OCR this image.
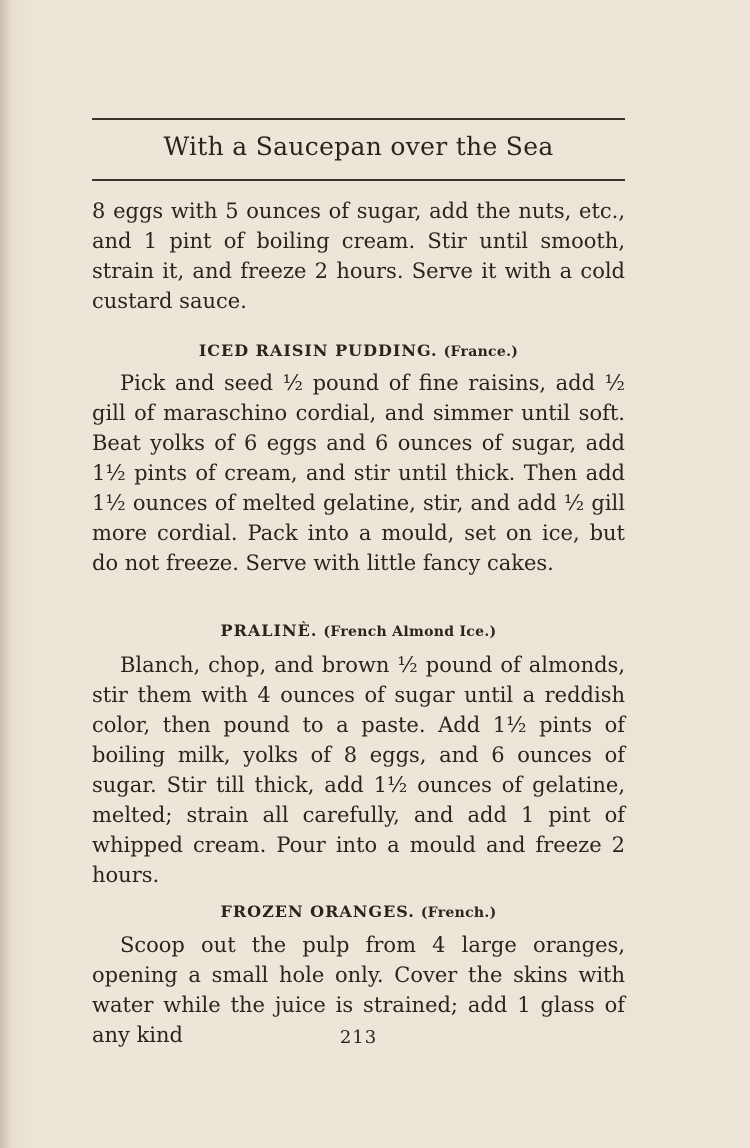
With a Saucepan over the Sea
8 eggs with 5 ounces of sugar, add the nuts, etc., and 1 pint of boiling cream. Stir until smooth, strain it, and freeze 2 hours. Serve it with a cold custard sauce.
ICED RAISIN PUDDING. (France.)
Pick and seed ½ pound of fine raisins, add ½ gill of maraschino cordial, and simmer until soft. Beat yolks of 6 eggs and 6 ounces of sugar, add 1½ pints of cream, and stir until thick. Then add 1½ ounces of melted gelatine, stir, and add ½ gill more cordial. Pack into a mould, set on ice, but do not freeze. Serve with little fancy cakes.
PRALINÈ. (French Almond Ice.)
Blanch, chop, and brown ½ pound of almonds, stir them with 4 ounces of sugar until a reddish color, then pound to a paste. Add 1½ pints of boiling milk, yolks of 8 eggs, and 6 ounces of sugar. Stir till thick, add 1½ ounces of gelatine, melted; strain all carefully, and add 1 pint of whipped cream. Pour into a mould and freeze 2 hours.
FROZEN ORANGES. (French.)
Scoop out the pulp from 4 large oranges, opening a small hole only. Cover the skins with water while the juice is strained; add 1 glass of any kind	213
